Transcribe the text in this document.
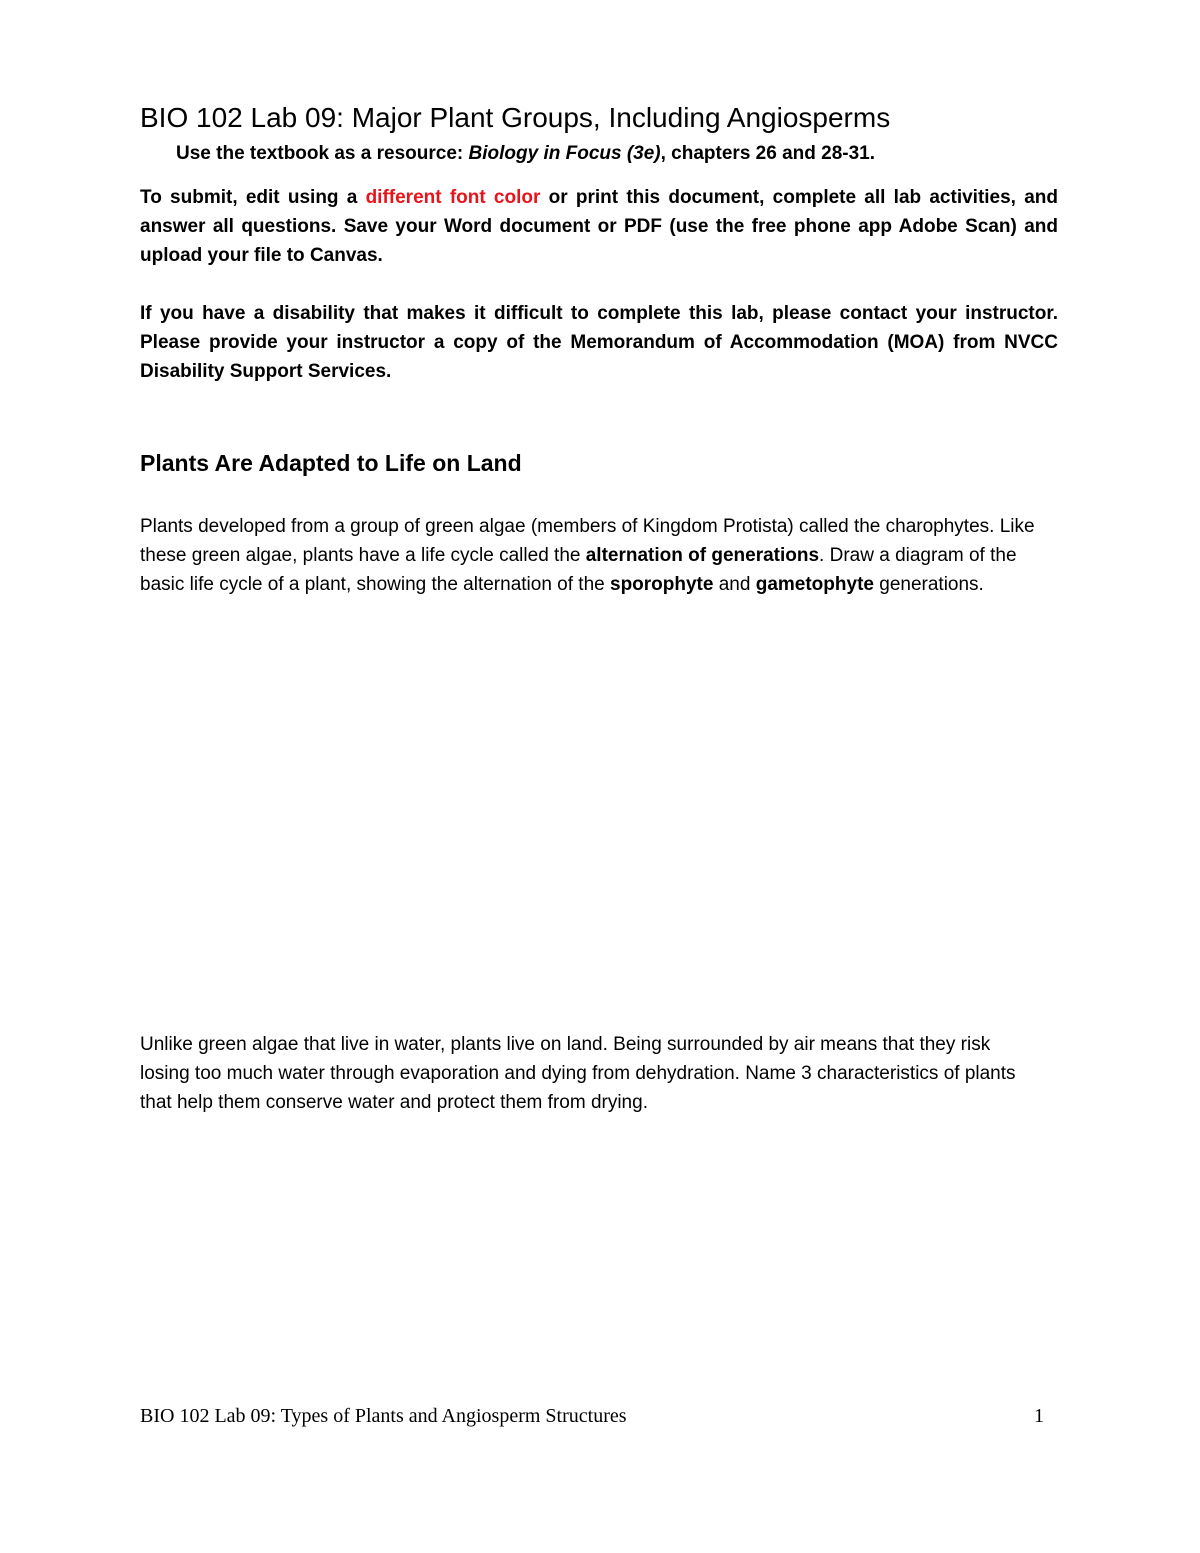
BIO 102 Lab 09: Major Plant Groups, Including Angiosperms
Use the textbook as a resource: Biology in Focus (3e), chapters 26 and 28-31.

To submit, edit using a different font color or print this document, complete all lab activities, and answer all questions. Save your Word document or PDF (use the free phone app Adobe Scan) and upload your file to Canvas.

If you have a disability that makes it difficult to complete this lab, please contact your instructor. Please provide your instructor a copy of the Memorandum of Accommodation (MOA) from NVCC Disability Support Services.

Plants Are Adapted to Life on Land

Plants developed from a group of green algae (members of Kingdom Protista) called the charophytes. Like these green algae, plants have a life cycle called the alternation of generations. Draw a diagram of the basic life cycle of a plant, showing the alternation of the sporophyte and gametophyte generations.

Unlike green algae that live in water, plants live on land. Being surrounded by air means that they risk losing too much water through evaporation and dying from dehydration. Name 3 characteristics of plants that help them conserve water and protect them from drying.

BIO 102 Lab 09: Types of Plants and Angiosperm Structures	1
